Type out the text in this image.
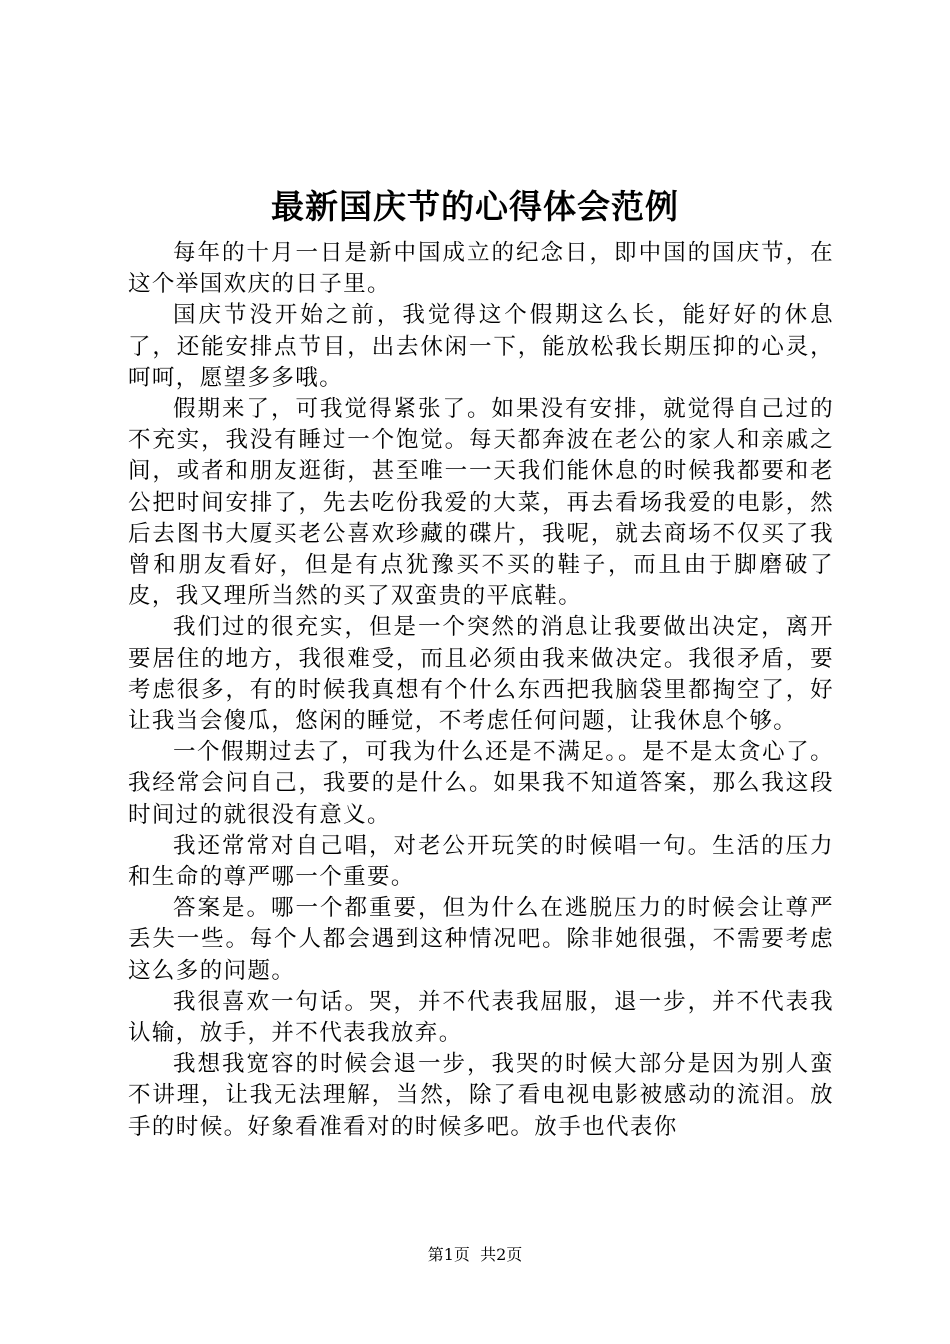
最新国庆节的心得体会范例

每年的十月一日是新中国成立的纪念日，即中国的国庆节，在这个举国欢庆的日子里。

国庆节没开始之前，我觉得这个假期这么长，能好好的休息了，还能安排点节目，出去休闲一下，能放松我长期压抑的心灵，呵呵，愿望多多哦。

假期来了，可我觉得紧张了。如果没有安排，就觉得自己过的不充实，我没有睡过一个饱觉。每天都奔波在老公的家人和亲戚之间，或者和朋友逛街，甚至唯一一天我们能休息的时候我都要和老公把时间安排了，先去吃份我爱的大菜，再去看场我爱的电影，然后去图书大厦买老公喜欢珍藏的碟片，我呢，就去商场不仅买了我曾和朋友看好，但是有点犹豫买不买的鞋子，而且由于脚磨破了皮，我又理所当然的买了双蛮贵的平底鞋。

我们过的很充实，但是一个突然的消息让我要做出决定，离开要居住的地方，我很难受，而且必须由我来做决定。我很矛盾，要考虑很多，有的时候我真想有个什么东西把我脑袋里都掏空了，好让我当会傻瓜，悠闲的睡觉，不考虑任何问题，让我休息个够。

一个假期过去了，可我为什么还是不满足。。是不是太贪心了。我经常会问自己，我要的是什么。如果我不知道答案，那么我这段时间过的就很没有意义。

我还常常对自己唱，对老公开玩笑的时候唱一句。生活的压力和生命的尊严哪一个重要。

答案是。哪一个都重要，但为什么在逃脱压力的时候会让尊严丢失一些。每个人都会遇到这种情况吧。除非她很强，不需要考虑这么多的问题。

我很喜欢一句话。哭，并不代表我屈服，退一步，并不代表我认输，放手，并不代表我放弃。

我想我宽容的时候会退一步，我哭的时候大部分是因为别人蛮不讲理，让我无法理解，当然，除了看电视电影被感动的流泪。放手的时候。好象看准看对的时候多吧。放手也代表你

第1页 共2页
